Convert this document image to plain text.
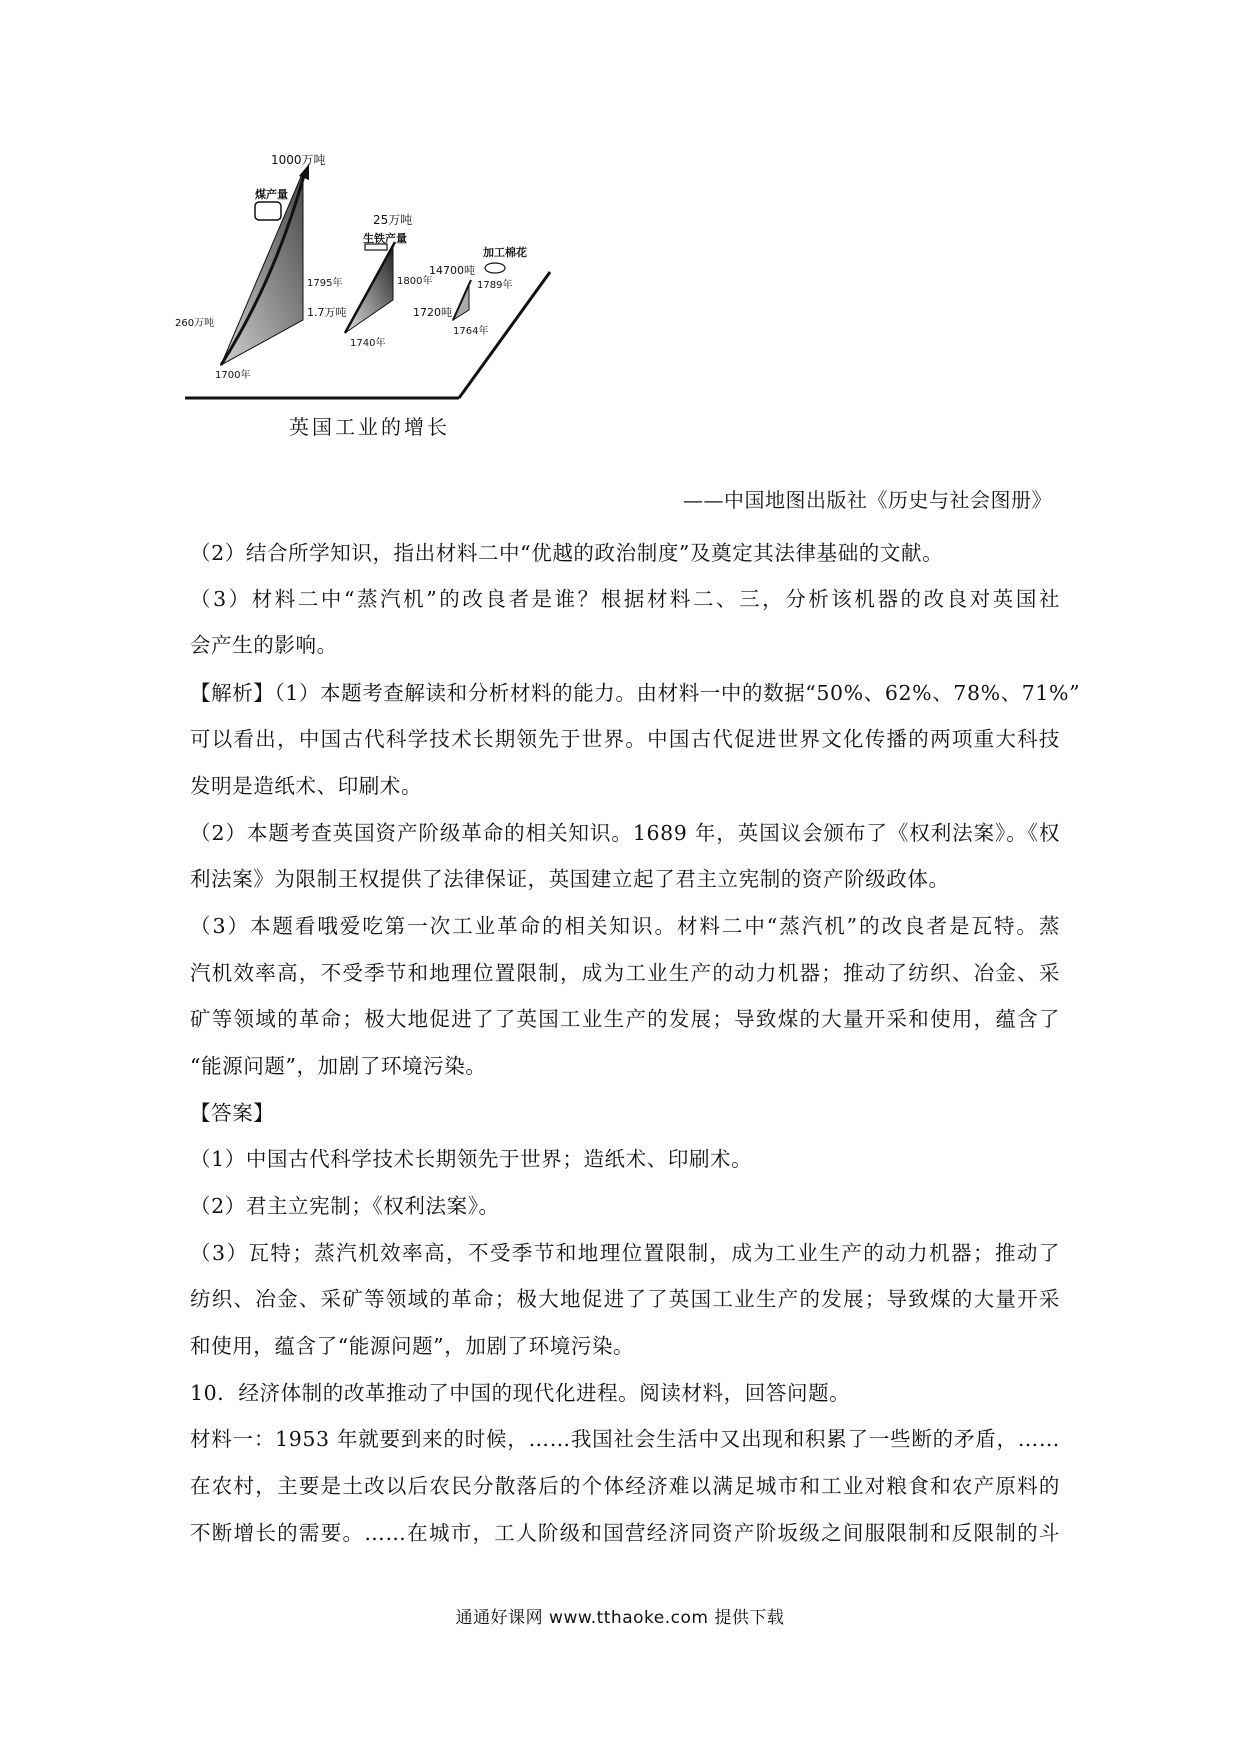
1000万吨
煤产量
260万吨
1700年
1795年
25万吨
生铁产量
1.7万吨
1740年
1800年
14700吨
加工棉花
1720吨
1764年
1789年
英国工业的增长
——中国地图出版社《历史与社会图册》
（2）结合所学知识，指出材料二中“优越的政治制度”及奠定其法律基础的文献。
（3）材料二中“蒸汽机”的改良者是谁？根据材料二、三，分析该机器的改良对英国社
会产生的影响。
【解析】（1）本题考查解读和分析材料的能力。由材料一中的数据“50%、62%、78%、71%”
可以看出，中国古代科学技术长期领先于世界。中国古代促进世界文化传播的两项重大科技
发明是造纸术、印刷术。
（2）本题考查英国资产阶级革命的相关知识。1689 年，英国议会颁布了《权利法案》。《权
利法案》为限制王权提供了法律保证，英国建立起了君主立宪制的资产阶级政体。
（3）本题看哦爱吃第一次工业革命的相关知识。材料二中“蒸汽机”的改良者是瓦特。蒸
汽机效率高，不受季节和地理位置限制，成为工业生产的动力机器；推动了纺织、冶金、采
矿等领域的革命；极大地促进了了英国工业生产的发展；导致煤的大量开采和使用，蕴含了
“能源问题”，加剧了环境污染。
【答案】
（1）中国古代科学技术长期领先于世界；造纸术、印刷术。
（2）君主立宪制；《权利法案》。
（3）瓦特；蒸汽机效率高，不受季节和地理位置限制，成为工业生产的动力机器；推动了
纺织、冶金、采矿等领域的革命；极大地促进了了英国工业生产的发展；导致煤的大量开采
和使用，蕴含了“能源问题”，加剧了环境污染。
10．经济体制的改革推动了中国的现代化进程。阅读材料，回答问题。
材料一：1953 年就要到来的时候，……我国社会生活中又出现和积累了一些断的矛盾，……
在农村，主要是土改以后农民分散落后的个体经济难以满足城市和工业对粮食和农产原料的
不断增长的需要。……在城市，工人阶级和国营经济同资产阶坂级之间服限制和反限制的斗
通通好课网 www.tthaoke.com 提供下载
